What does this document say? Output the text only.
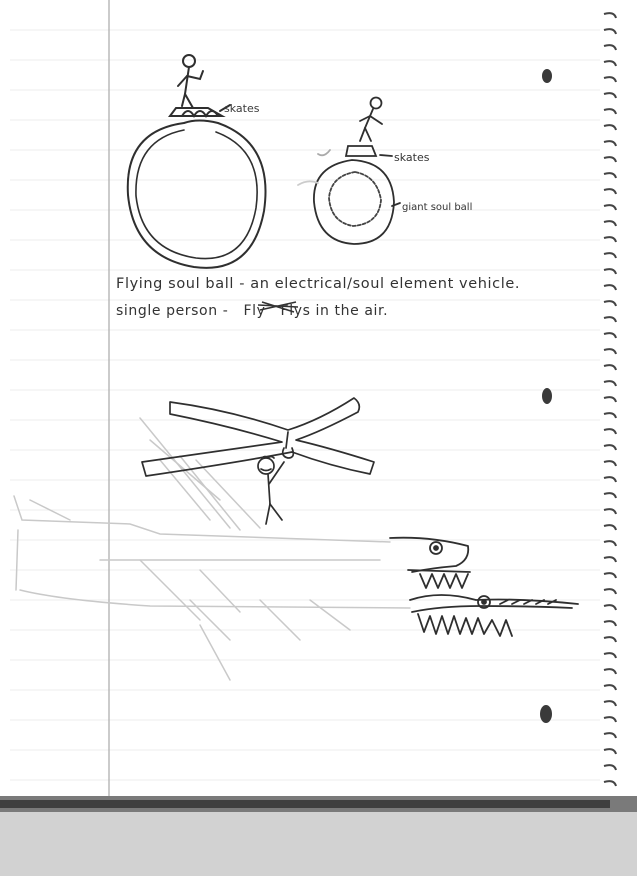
skates
skates
giant soul ball
Flying soul ball - an electrical/soul element vehicle.
single person - Fly Flys in the air.
